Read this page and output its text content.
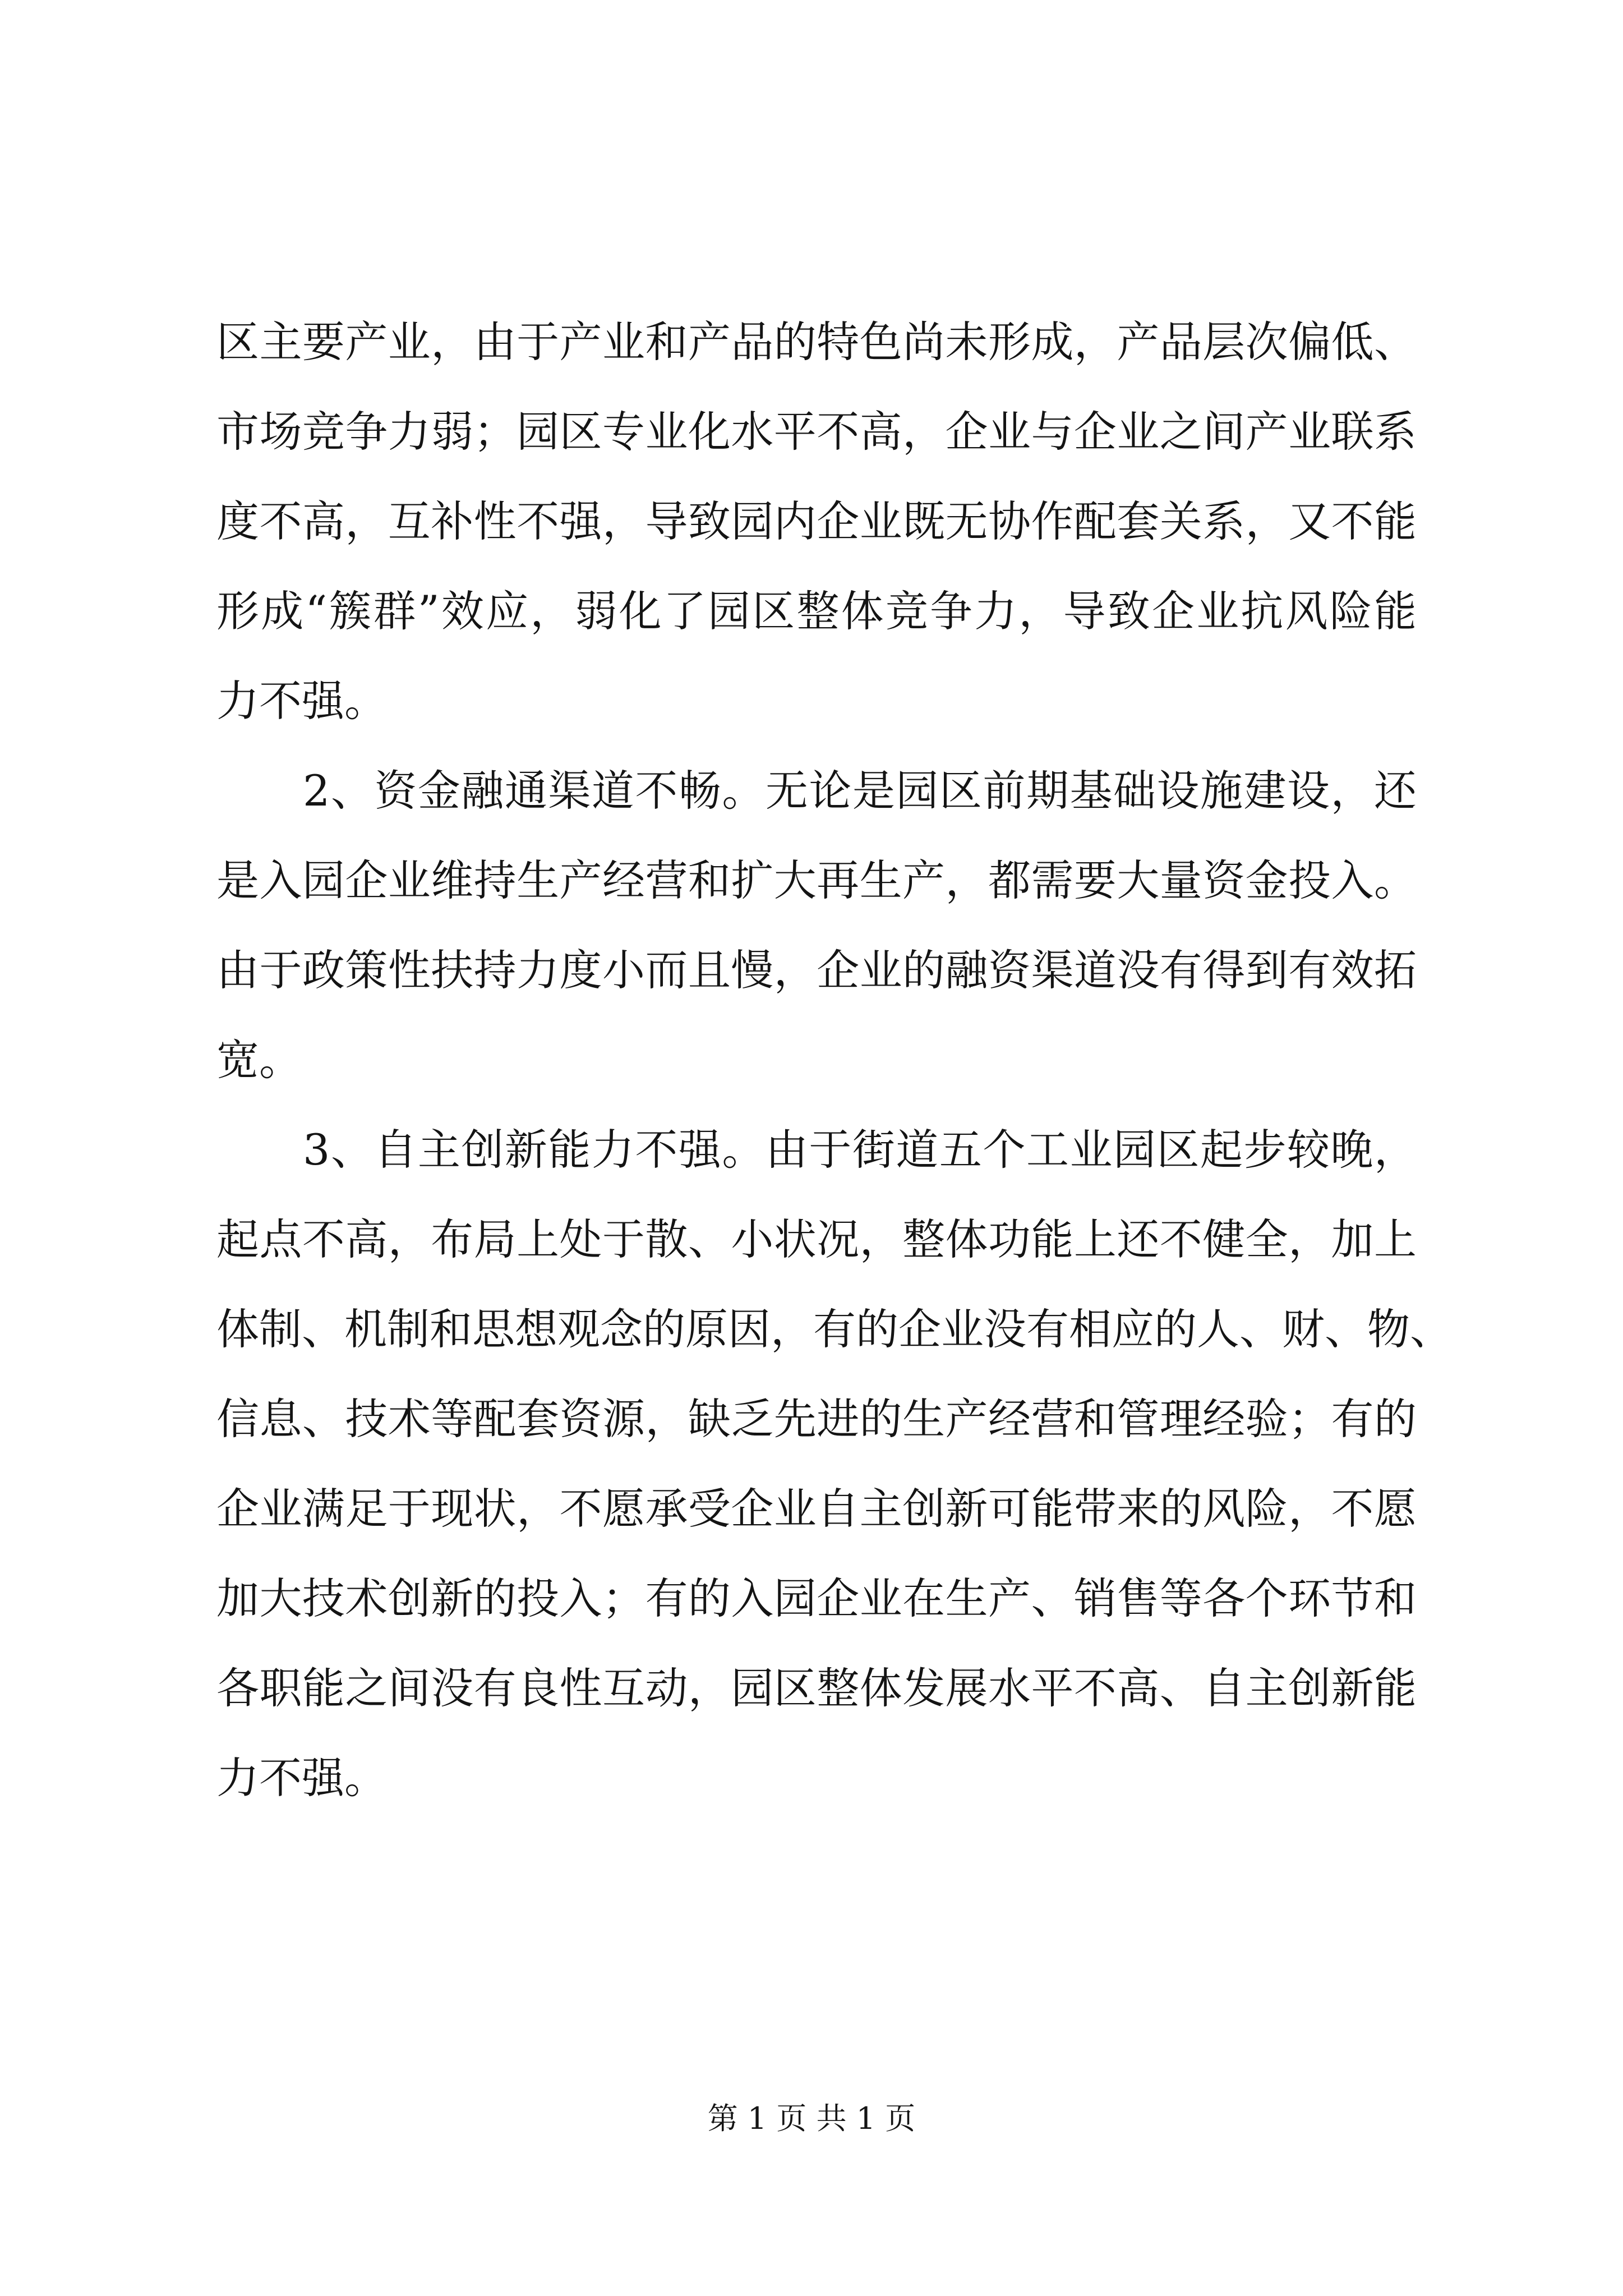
区主要产业，由于产业和产品的特色尚未形成，产品层次偏低、
市场竞争力弱；园区专业化水平不高，企业与企业之间产业联系
度不高，互补性不强，导致园内企业既无协作配套关系，又不能
形成“簇群”效应，弱化了园区整体竞争力，导致企业抗风险能
力不强。
2、资金融通渠道不畅。无论是园区前期基础设施建设，还
是入园企业维持生产经营和扩大再生产，都需要大量资金投入。
由于政策性扶持力度小而且慢，企业的融资渠道没有得到有效拓
宽。
3、自主创新能力不强。由于街道五个工业园区起步较晚，
起点不高，布局上处于散、小状况，整体功能上还不健全，加上
体制、机制和思想观念的原因，有的企业没有相应的人、财、物、
信息、技术等配套资源，缺乏先进的生产经营和管理经验；有的
企业满足于现状，不愿承受企业自主创新可能带来的风险，不愿
加大技术创新的投入；有的入园企业在生产、销售等各个环节和
各职能之间没有良性互动，园区整体发展水平不高、自主创新能
力不强。
第 1 页 共 1 页
